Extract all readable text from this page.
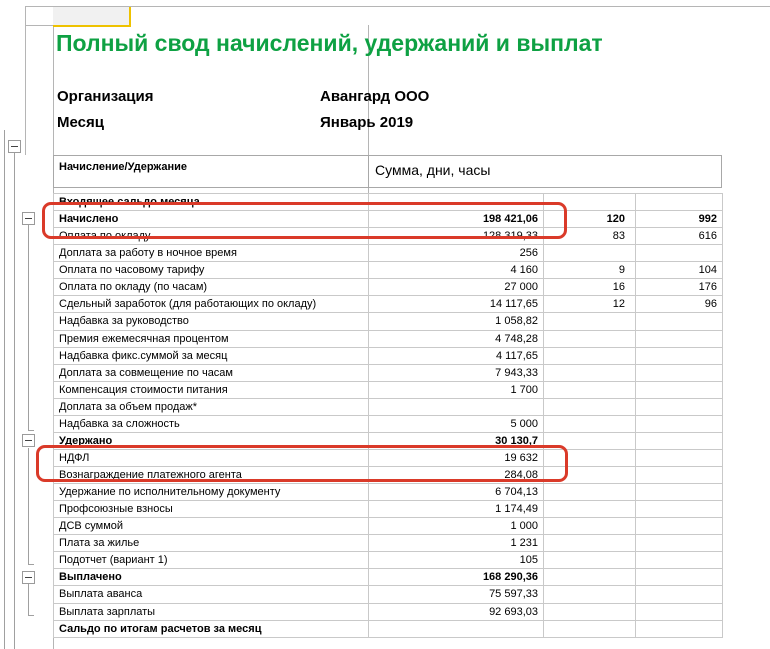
Полный свод начислений, удержаний и выплат
Организация	Авангард ООО
Месяц	Январь 2019
Начисление/Удержание	Сумма, дни, часы
Входящее сальдо месяца
Начислено	198 421,06	120	992
Оплата по окладу	128 319,33	83	616
Доплата за работу в ночное время	256
Оплата по часовому тарифу	4 160	9	104
Оплата по окладу (по часам)	27 000	16	176
Сдельный заработок (для работающих по окладу)	14 117,65	12	96
Надбавка за руководство	1 058,82
Премия ежемесячная процентом	4 748,28
Надбавка фикс.суммой за месяц	4 117,65
Доплата за совмещение по часам	7 943,33
Компенсация стоимости питания	1 700
Доплата за объем продаж*
Надбавка за сложность	5 000
Удержано	30 130,7
НДФЛ	19 632
Вознаграждение платежного агента	284,08
Удержание по исполнительному документу	6 704,13
Профсоюзные взносы	1 174,49
ДСВ суммой	1 000
Плата за жилье	1 231
Подотчет (вариант 1)	105
Выплачено	168 290,36
Выплата аванса	75 597,33
Выплата зарплаты	92 693,03
Сальдо по итогам расчетов за месяц
